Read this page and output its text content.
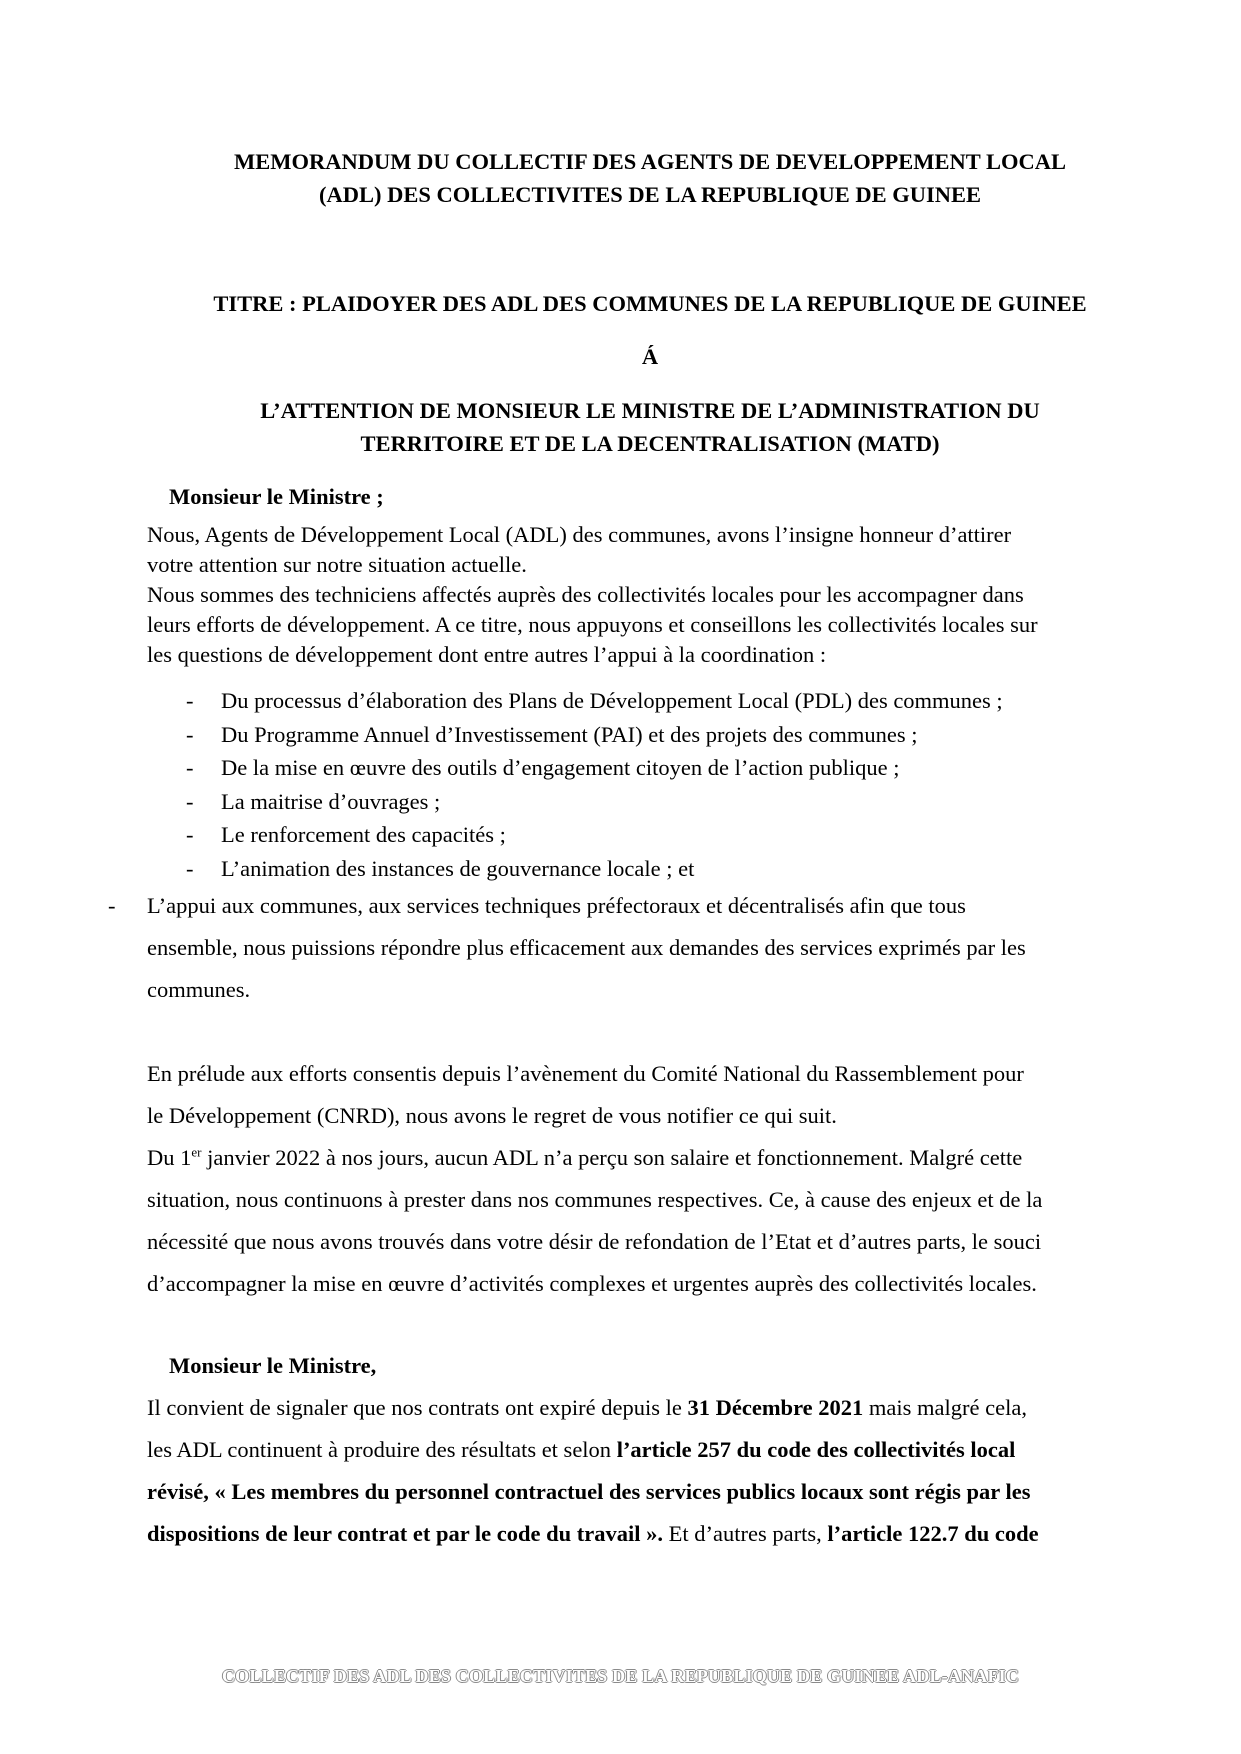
MEMORANDUM DU COLLECTIF DES AGENTS DE DEVELOPPEMENT LOCAL
(ADL) DES COLLECTIVITES DE LA REPUBLIQUE DE GUINEE
TITRE : PLAIDOYER DES ADL DES COMMUNES DE LA REPUBLIQUE DE GUINEE
Á
L’ATTENTION DE MONSIEUR LE MINISTRE DE L’ADMINISTRATION DU
TERRITOIRE ET DE LA DECENTRALISATION (MATD)
Monsieur le Ministre ;
Nous, Agents de Développement Local (ADL) des communes, avons l’insigne honneur d’attirer
votre attention sur notre situation actuelle.
Nous sommes des techniciens affectés auprès des collectivités locales pour les accompagner dans
leurs efforts de développement. A ce titre, nous appuyons et conseillons les collectivités locales sur
les questions de développement dont entre autres l’appui à la coordination :
- Du processus d’élaboration des Plans de Développement Local (PDL) des communes ;
- Du Programme Annuel d’Investissement (PAI) et des projets des communes ;
- De la mise en œuvre des outils d’engagement citoyen de l’action publique ;
- La maitrise d’ouvrages ;
- Le renforcement des capacités ;
- L’animation des instances de gouvernance locale ; et
- L’appui aux communes, aux services techniques préfectoraux et décentralisés afin que tous
ensemble, nous puissions répondre plus efficacement aux demandes des services exprimés par les
communes.
En prélude aux efforts consentis depuis l’avènement du Comité National du Rassemblement pour
le Développement (CNRD), nous avons le regret de vous notifier ce qui suit.
Du 1er janvier 2022 à nos jours, aucun ADL n’a perçu son salaire et fonctionnement. Malgré cette
situation, nous continuons à prester dans nos communes respectives. Ce, à cause des enjeux et de la
nécessité que nous avons trouvés dans votre désir de refondation de l’Etat et d’autres parts, le souci
d’accompagner la mise en œuvre d’activités complexes et urgentes auprès des collectivités locales.
Monsieur le Ministre,
Il convient de signaler que nos contrats ont expiré depuis le 31 Décembre 2021 mais malgré cela,
les ADL continuent à produire des résultats et selon l’article 257 du code des collectivités local
révisé, « Les membres du personnel contractuel des services publics locaux sont régis par les
dispositions de leur contrat et par le code du travail ». Et d’autres parts, l’article 122.7 du code
COLLECTIF DES ADL DES COLLECTIVITES DE LA REPUBLIQUE DE GUINEE ADL-ANAFIC
